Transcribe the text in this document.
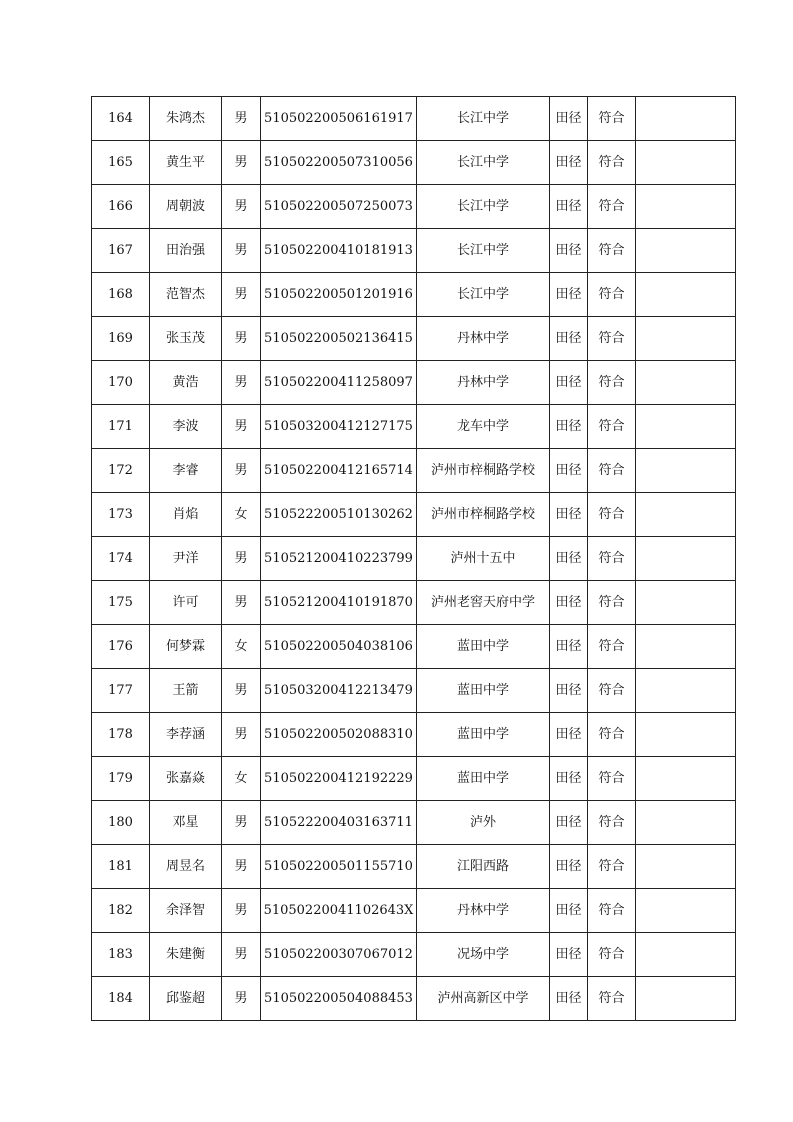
164	朱鸿杰	男	510502200506161917	长江中学	田径	符合	
165	黄生平	男	510502200507310056	长江中学	田径	符合	
166	周朝波	男	510502200507250073	长江中学	田径	符合	
167	田治强	男	510502200410181913	长江中学	田径	符合	
168	范智杰	男	510502200501201916	长江中学	田径	符合	
169	张玉茂	男	510502200502136415	丹林中学	田径	符合	
170	黄浩	男	510502200411258097	丹林中学	田径	符合	
171	李波	男	510503200412127175	龙车中学	田径	符合	
172	李睿	男	510502200412165714	泸州市梓桐路学校	田径	符合	
173	肖焰	女	510522200510130262	泸州市梓桐路学校	田径	符合	
174	尹洋	男	510521200410223799	泸州十五中	田径	符合	
175	许可	男	510521200410191870	泸州老窖天府中学	田径	符合	
176	何梦霖	女	510502200504038106	蓝田中学	田径	符合	
177	王箭	男	510503200412213479	蓝田中学	田径	符合	
178	李荐涵	男	510502200502088310	蓝田中学	田径	符合	
179	张嘉焱	女	510502200412192229	蓝田中学	田径	符合	
180	邓星	男	510522200403163711	泸外	田径	符合	
181	周昱名	男	510502200501155710	江阳西路	田径	符合	
182	余泽智	男	51050220041102643X	丹林中学	田径	符合	
183	朱建衡	男	510502200307067012	况场中学	田径	符合	
184	邱鉴超	男	510502200504088453	泸州高新区中学	田径	符合	
